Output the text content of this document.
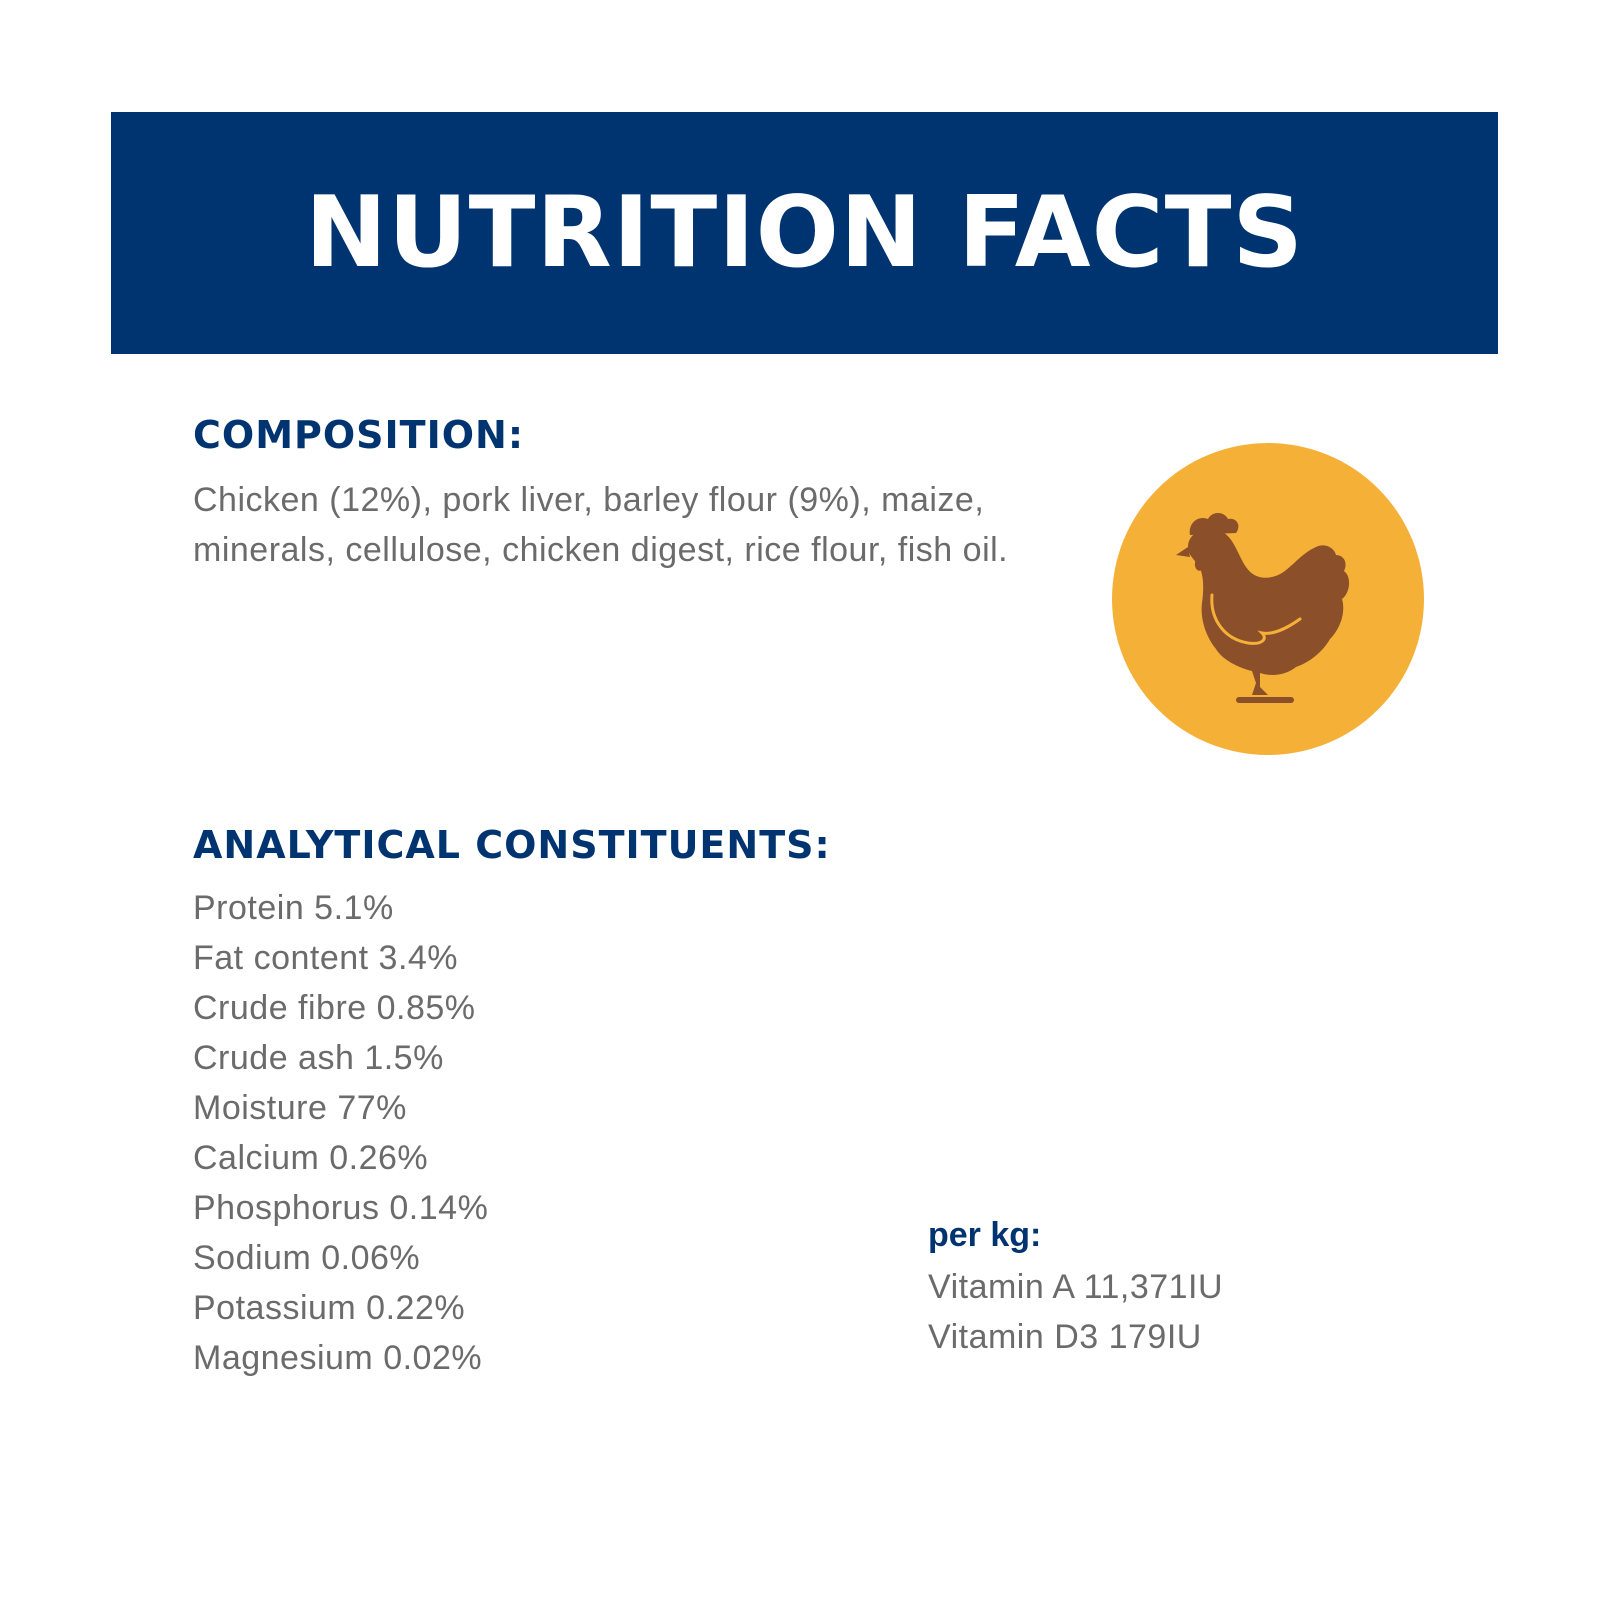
NUTRITION FACTS
COMPOSITION:

Chicken (12%), pork liver, barley flour (9%), maize, minerals, cellulose, chicken digest, rice flour, fish oil.

ANALYTICAL CONSTITUENTS:
Protein 5.1%
Fat content 3.4%
Crude fibre 0.85%
Crude ash 1.5%
Moisture 77%
Calcium 0.26%
Phosphorus 0.14%
Sodium 0.06%
Potassium 0.22%
Magnesium 0.02%
per kg:
Vitamin A 11,371IU
Vitamin D3 179IU
